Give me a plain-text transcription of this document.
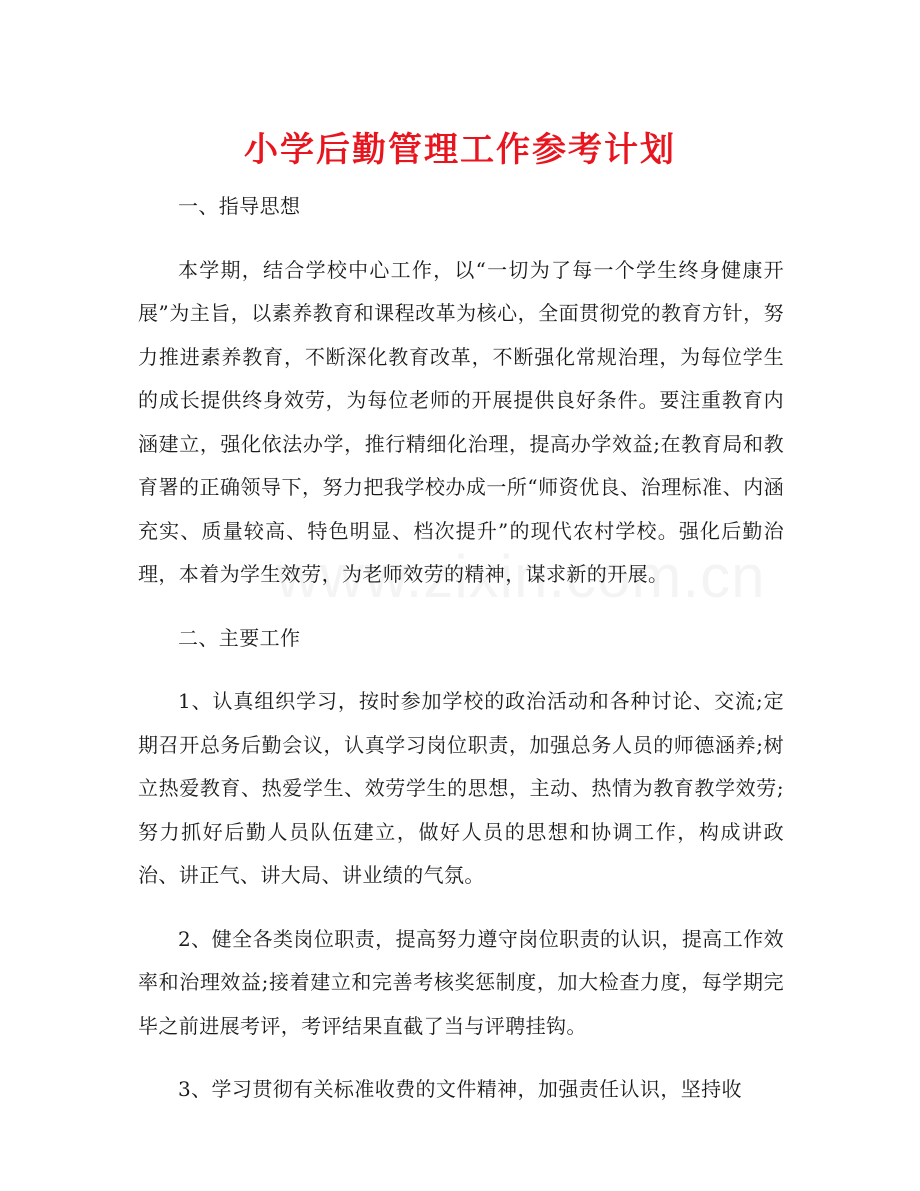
小学后勤管理工作参考计划

一、指导思想

本学期，结合学校中心工作，以“一切为了每一个学生终身健康开展”为主旨，以素养教育和课程改革为核心，全面贯彻党的教育方针，努力推进素养教育，不断深化教育改革，不断强化常规治理，为每位学生的成长提供终身效劳，为每位老师的开展提供良好条件。要注重教育内涵建立，强化依法办学，推行精细化治理，提高办学效益;在教育局和教育署的正确领导下，努力把我学校办成一所“师资优良、治理标准、内涵充实、质量较高、特色明显、档次提升”的现代农村学校。强化后勤治理，本着为学生效劳，为老师效劳的精神，谋求新的开展。

二、主要工作

1、认真组织学习，按时参加学校的政治活动和各种讨论、交流;定期召开总务后勤会议，认真学习岗位职责，加强总务人员的师德涵养;树立热爱教育、热爱学生、效劳学生的思想，主动、热情为教育教学效劳;努力抓好后勤人员队伍建立，做好人员的思想和协调工作，构成讲政治、讲正气、讲大局、讲业绩的气氛。

2、健全各类岗位职责，提高努力遵守岗位职责的认识，提高工作效率和治理效益;接着建立和完善考核奖惩制度，加大检查力度，每学期完毕之前进展考评，考评结果直截了当与评聘挂钩。

3、学习贯彻有关标准收费的文件精神，加强责任认识，坚持收
